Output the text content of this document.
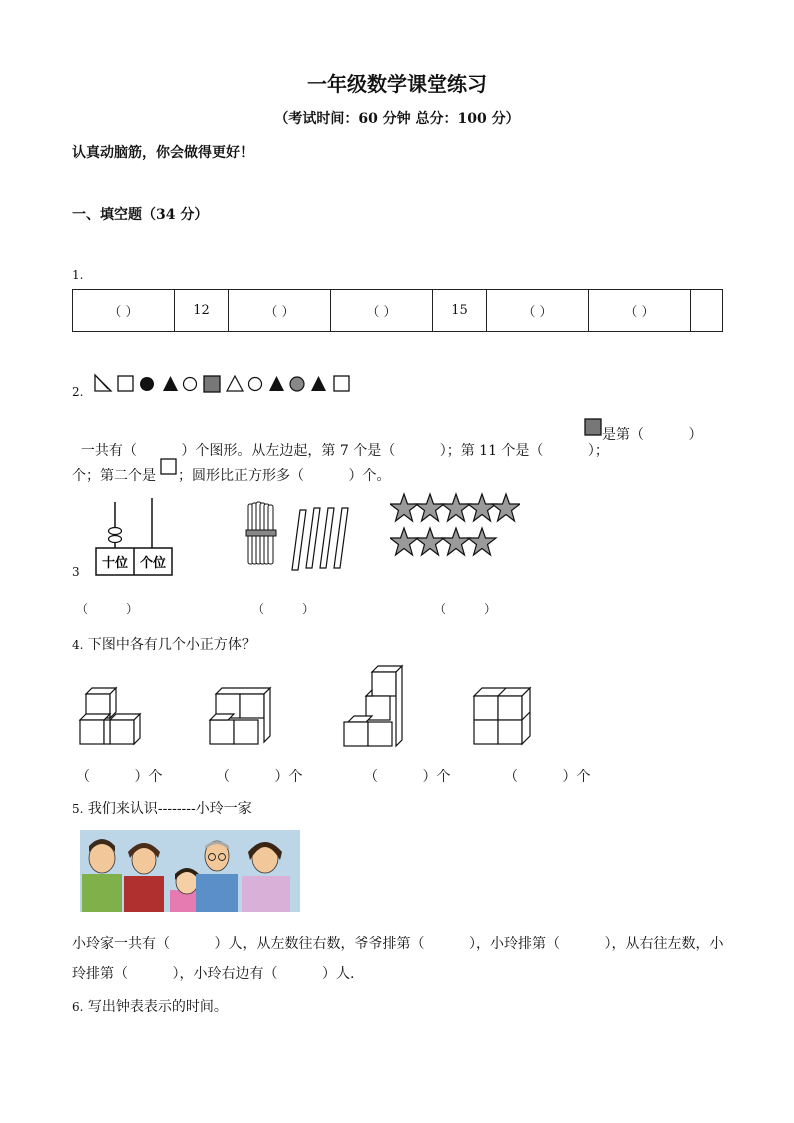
一年级数学课堂练习
（考试时间：60 分钟 总分：100 分）
认真动脑筋，你会做得更好！
一、填空题（34 分）
1.
（ ）	12	（ ）	（ ）	15	（ ）	（ ）	
2.

一共有（          ）个图形。从左边起，第 7 个是（          ）；第 11 个是（          ）；

是第（          ）
个；第二个是 ；圆形比正方形多（          ）个。
3
十位 个位
（          ）	（          ）	（          ）
4. 下图中各有几个小正方体？
（          ）个	（          ）个	（          ）个	（          ）个
5. 我们来认识--------小玲一家
小玲家一共有（          ）人，从左数往右数，爷爷排第（          ），小玲排第（          ），从右往左数，小
玲排第（          ），小玲右边有（          ）人.
6. 写出钟表表示的时间。
